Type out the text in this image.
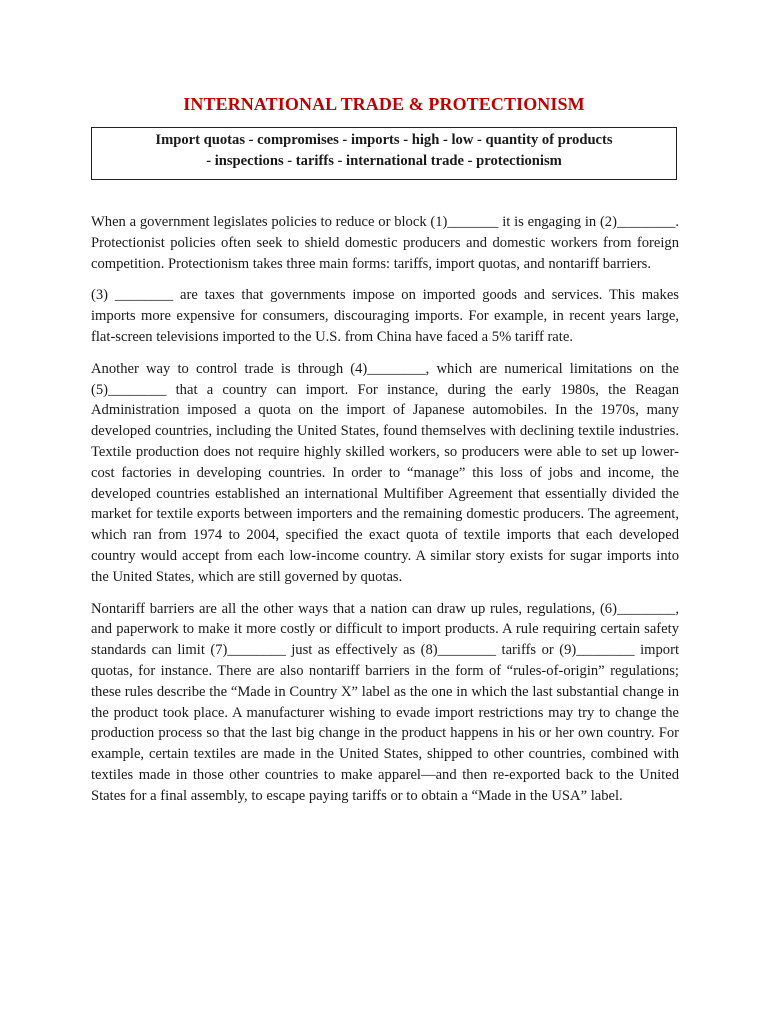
INTERNATIONAL TRADE & PROTECTIONISM
Import quotas - compromises - imports - high - low - quantity of products
- inspections - tariffs - international trade - protectionism

When a government legislates policies to reduce or block (1)_______ it is engaging in (2)________. Protectionist policies often seek to shield domestic producers and domestic workers from foreign competition. Protectionism takes three main forms: tariffs, import quotas, and nontariff barriers.

(3) ________ are taxes that governments impose on imported goods and services. This makes imports more expensive for consumers, discouraging imports. For example, in recent years large, flat-screen televisions imported to the U.S. from China have faced a 5% tariff rate.

Another way to control trade is through (4)________, which are numerical limitations on the (5)________ that a country can import. For instance, during the early 1980s, the Reagan Administration imposed a quota on the import of Japanese automobiles. In the 1970s, many developed countries, including the United States, found themselves with declining textile industries. Textile production does not require highly skilled workers, so producers were able to set up lower-cost factories in developing countries. In order to “manage” this loss of jobs and income, the developed countries established an international Multifiber Agreement that essentially divided the market for textile exports between importers and the remaining domestic producers. The agreement, which ran from 1974 to 2004, specified the exact quota of textile imports that each developed country would accept from each low-income country. A similar story exists for sugar imports into the United States, which are still governed by quotas.

Nontariff barriers are all the other ways that a nation can draw up rules, regulations, (6)________, and paperwork to make it more costly or difficult to import products. A rule requiring certain safety standards can limit (7)________ just as effectively as (8)________ tariffs or (9)________ import quotas, for instance. There are also nontariff barriers in the form of “rules-of-origin” regulations; these rules describe the “Made in Country X” label as the one in which the last substantial change in the product took place. A manufacturer wishing to evade import restrictions may try to change the production process so that the last big change in the product happens in his or her own country. For example, certain textiles are made in the United States, shipped to other countries, combined with textiles made in those other countries to make apparel—and then re-exported back to the United States for a final assembly, to escape paying tariffs or to obtain a “Made in the USA” label.
